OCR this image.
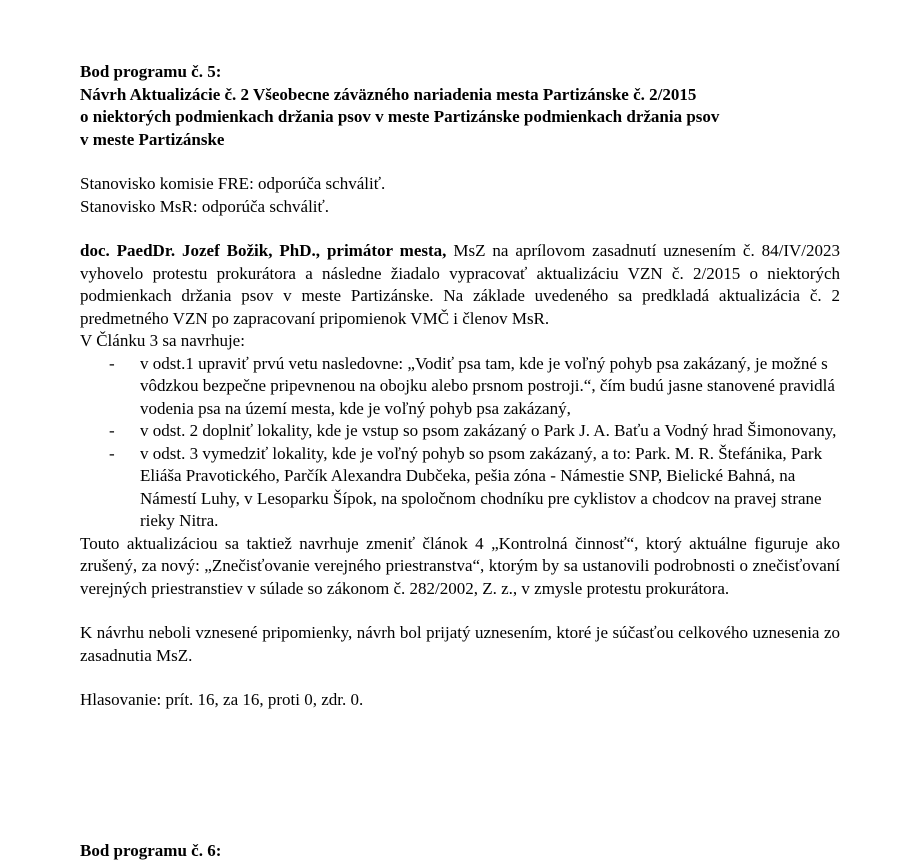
Bod programu č. 5:
Návrh Aktualizácie č. 2 Všeobecne záväzného nariadenia mesta Partizánske č. 2/2015
o niektorých podmienkach držania psov v meste Partizánske podmienkach držania psov
v meste Partizánske
Stanovisko komisie FRE: odporúča schváliť.
Stanovisko MsR: odporúča schváliť.
doc. PaedDr. Jozef Božik, PhD., primátor mesta, MsZ na aprílovom zasadnutí uznesením č. 84/IV/2023 vyhovelo protestu prokurátora a následne žiadalo vypracovať aktualizáciu VZN č. 2/2015 o niektorých podmienkach držania psov v meste Partizánske. Na základe uvedeného sa predkladá aktualizácia č. 2 predmetného VZN po zapracovaní pripomienok VMČ i členov MsR.
V Článku 3 sa navrhuje:
- v odst.1 upraviť prvú vetu nasledovne: „Vodiť psa tam, kde je voľný pohyb psa zakázaný, je možné s vôdzkou bezpečne pripevnenou na obojku alebo prsnom postroji.“, čím budú jasne stanovené pravidlá vodenia psa na území mesta, kde je voľný pohyb psa zakázaný,
- v odst. 2 doplniť lokality, kde je vstup so psom zakázaný o Park J. A. Baťu a Vodný hrad Šimonovany,
- v odst. 3 vymedziť lokality, kde je voľný pohyb so psom zakázaný, a to: Park. M. R. Štefánika, Park Eliáša Pravotického, Parčík Alexandra Dubčeka, pešia zóna - Námestie SNP, Bielické Bahná, na Námestí Luhy, v Lesoparku Šípok, na spoločnom chodníku pre cyklistov a chodcov na pravej strane rieky Nitra.
Touto aktualizáciou sa taktiež navrhuje zmeniť článok 4 „Kontrolná činnosť“, ktorý aktuálne figuruje ako zrušený, za nový: „Znečisťovanie verejného priestranstva“, ktorým by sa ustanovili podrobnosti o znečisťovaní verejných priestranstiev v súlade so zákonom č. 282/2002, Z. z., v zmysle protestu prokurátora.
K návrhu neboli vznesené pripomienky, návrh bol prijatý uznesením, ktoré je súčasťou celkového uznesenia zo zasadnutia MsZ.
Hlasovanie: prít. 16, za 16, proti 0, zdr. 0.
Bod programu č. 6:
